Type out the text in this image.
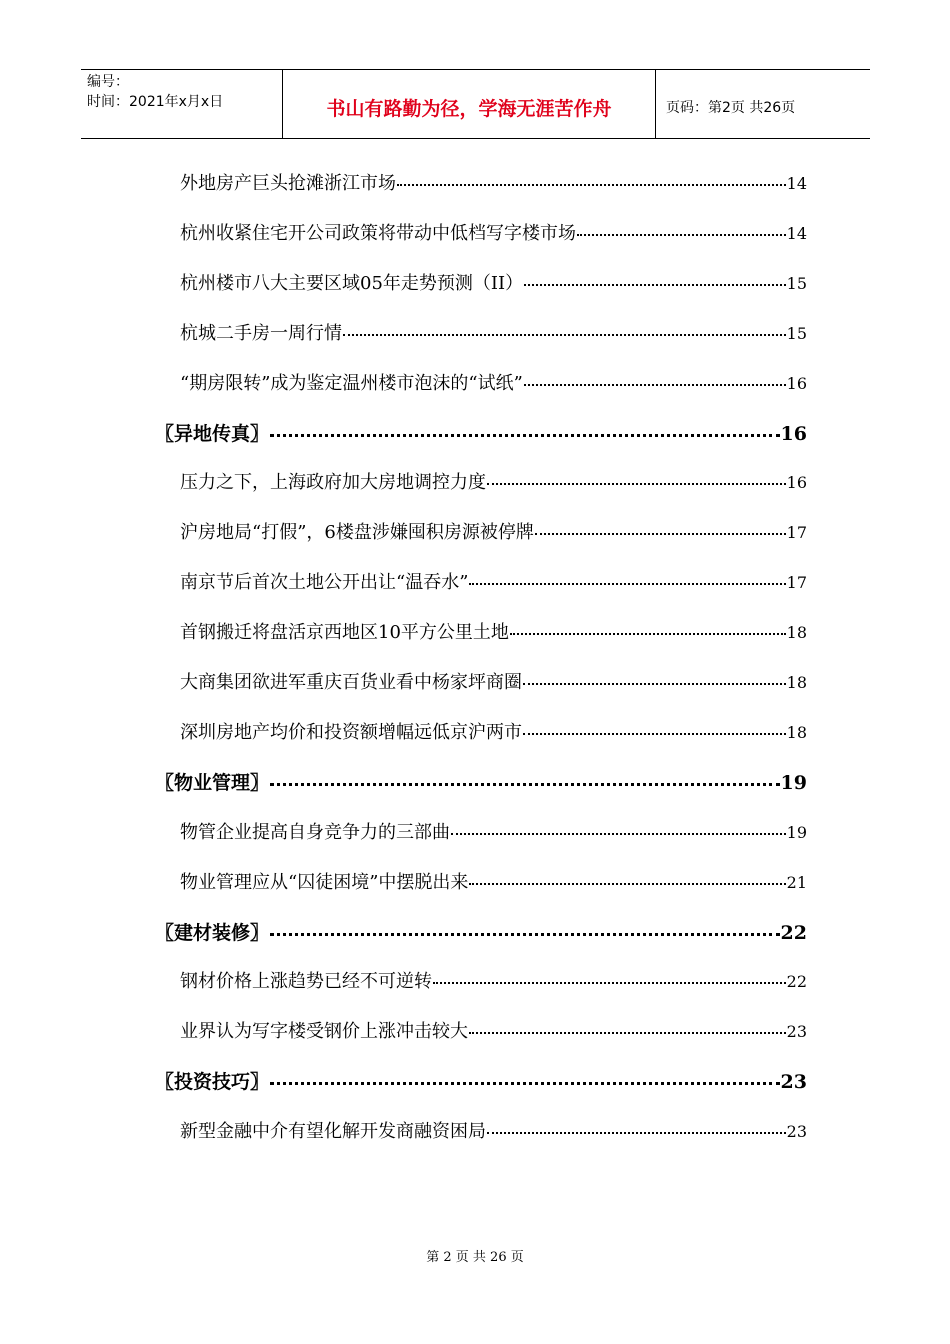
编号：
时间：2021年x月x日	书山有路勤为径，学海无涯苦作舟	页码：第2页 共26页
外地房产巨头抢滩浙江市场	14
杭州收紧住宅开公司政策将带动中低档写字楼市场	14
杭州楼市八大主要区域05年走势预测（II）	15
杭城二手房一周行情	15
“期房限转”成为鉴定温州楼市泡沫的“试纸”	16
〖异地传真〗	16
压力之下，上海政府加大房地调控力度	16
沪房地局“打假”，6楼盘涉嫌囤积房源被停牌	17
南京节后首次土地公开出让“温吞水”	17
首钢搬迁将盘活京西地区10平方公里土地	18
大商集团欲进军重庆百货业看中杨家坪商圈	18
深圳房地产均价和投资额增幅远低京沪两市	18
〖物业管理〗	19
物管企业提高自身竞争力的三部曲	19
物业管理应从“囚徒困境”中摆脱出来	21
〖建材装修〗	22
钢材价格上涨趋势已经不可逆转	22
业界认为写字楼受钢价上涨冲击较大	23
〖投资技巧〗	23
新型金融中介有望化解开发商融资困局	23
第 2 页 共 26 页
